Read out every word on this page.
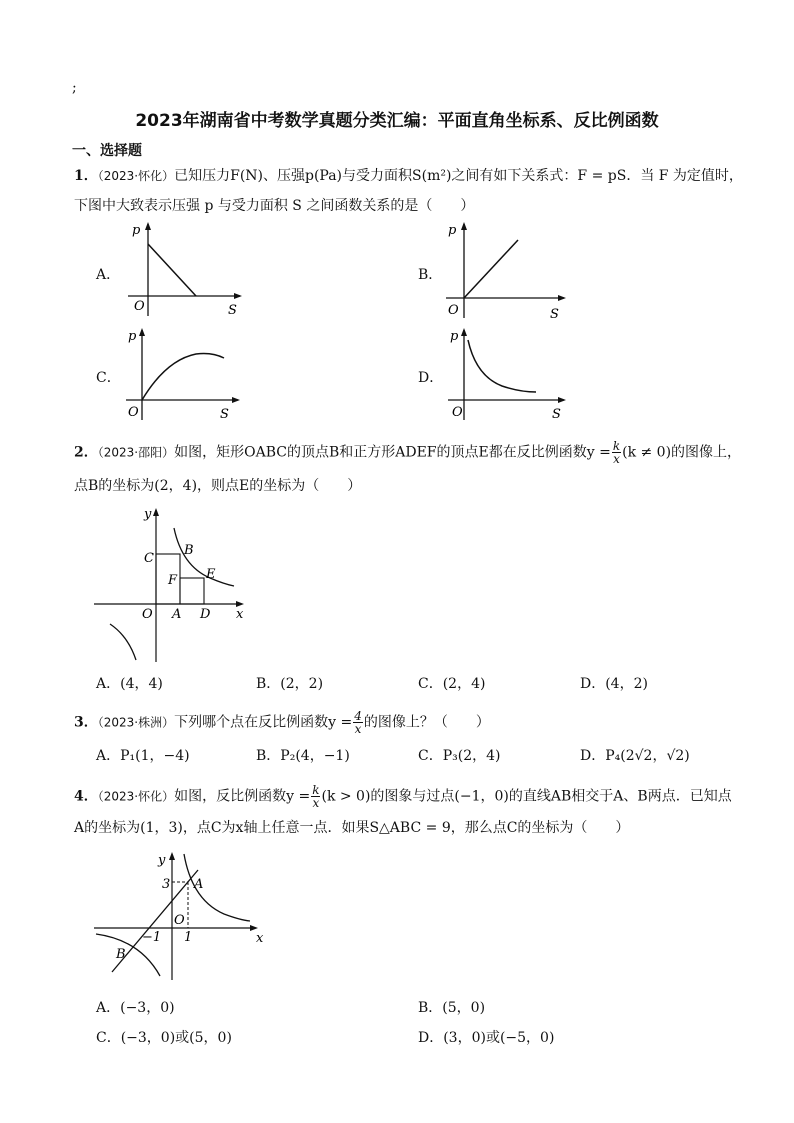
;
2023年湖南省中考数学真题分类汇编：平面直角坐标系、反比例函数
一、选择题
1．（2023·怀化）已知压力F(N)、压强p(Pa)与受力面积S(m²)之间有如下关系式：F = pS．当 F 为定值时，
下图中大致表示压强 p 与受力面积 S 之间函数关系的是（　　）
A．
p
O	S
B．
p
O	S
C．
p
O	S
D．
p
O	S
2．（2023·邵阳）如图，矩形OABC的顶点B和正方形ADEF的顶点E都在反比例函数$y = \frac{k}{x} (k \ne 0)$的图像上，
点B的坐标为(2，4)，则点E的坐标为（　　）
y
x
O A
B
C
D
E
F
A．(4，4)	B．(2，2)	C．(2，4)	D．(4，2)
3．（2023·株洲）下列哪个点在反比例函数$y = \frac{4}{x}$ 的图像上？（　　）
A．P₁(1，−4)	B．P₂(4，−1)	C．P₃(2，4)	D．P₄(2√2，√2)
4．（2023·怀化）如图，反比例函数$y = \frac{k}{x} (k > 0)$的图象与过点(−1，0)的直线AB相交于A、B两点．已知点
A的坐标为(1，3)，点C为x轴上任意一点．如果S△ABC = 9，那么点C的坐标为（　　）
y
x
O
A
B
3
−1 1
A．(−3，0)	B．(5，0)
C．(−3，0)或(5，0)	D．(3，0)或(−5，0)
